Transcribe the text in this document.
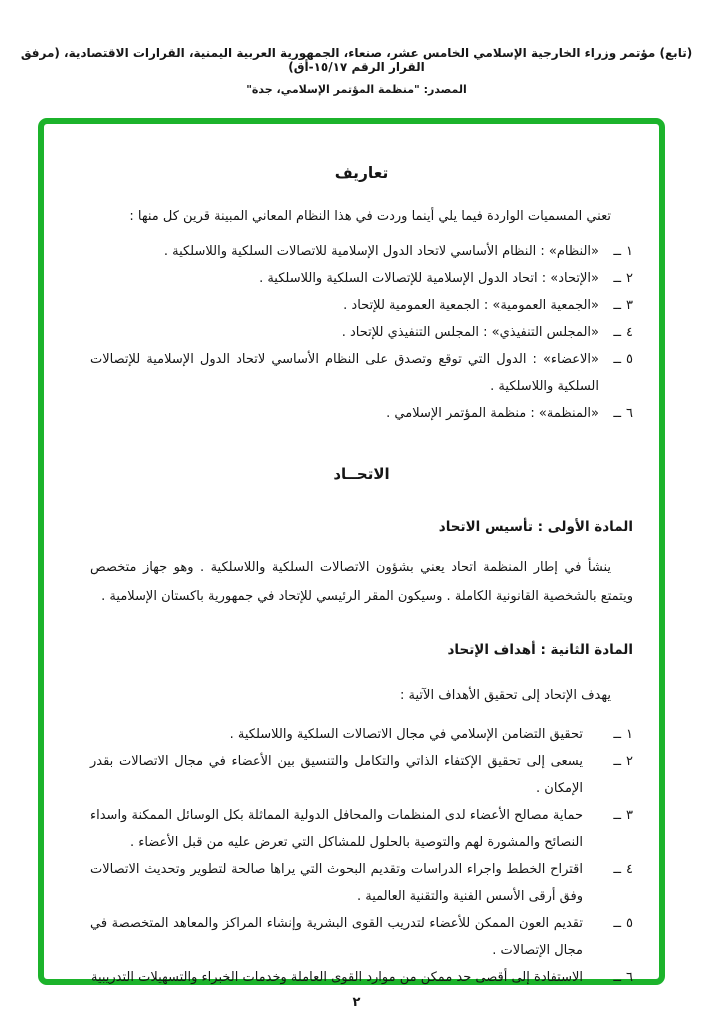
(تابع) مؤتمر وزراء الخارجية الإسلامي الخامس عشر، صنعاء، الجمهورية العربية اليمنية، القرارات الاقتصادية، (مرفق القرار الرقم ١٥/١٧-أق)
المصدر: "منظمة المؤتمر الإسلامي، جدة"
تعاريف
تعني المسميات الواردة فيما يلي أينما وردت في هذا النظام المعاني المبينة قرين كل منها :
١
ــ
«النظام» : النظام الأساسي لاتحاد الدول الإسلامية للاتصالات السلكية واللاسلكية .
٢
ــ
«الإتحاد» : اتحاد الدول الإسلامية للإتصالات السلكية واللاسلكية .
٣
ــ
«الجمعية العمومية» : الجمعية العمومية للإتحاد .
٤
ــ
«المجلس التنفيذي» : المجلس التنفيذي للإتحاد .
٥
ــ
«الاعضاء» : الدول التي توقع وتصدق على النظام الأساسي لاتحاد الدول الإسلامية للإتصالات السلكية واللاسلكية .
٦
ــ
«المنظمة» : منظمة المؤتمر الإسلامي .
الاتحــاد
المادة الأولى : تأسيس الاتحاد
ينشأ في إطار المنظمة اتحاد يعني بشؤون الاتصالات السلكية واللاسلكية . وهو جهاز متخصص ويتمتع بالشخصية القانونية الكاملة . وسيكون المقر الرئيسي للإتحاد في جمهورية باكستان الإسلامية .
المادة الثانية : أهداف الإتحاد
يهدف الإتحاد إلى تحقيق الأهداف الآتية :
١
ــ
تحقيق التضامن الإسلامي في مجال الاتصالات السلكية واللاسلكية .
٢
ــ
يسعى إلى تحقيق الإكتفاء الذاتي والتكامل والتنسيق بين الأعضاء في مجال الاتصالات بقدر الإمكان .
٣
ــ
حماية مصالح الأعضاء لدى المنظمات والمحافل الدولية المماثلة بكل الوسائل الممكنة واسداء النصائح والمشورة لهم والتوصية بالحلول للمشاكل التي تعرض عليه من قبل الأعضاء .
٤
ــ
اقتراح الخطط واجراء الدراسات وتقديم البحوث التي يراها صالحة لتطوير وتحديث الاتصالات وفق أرقى الأسس الفنية والتقنية العالمية .
٥
ــ
تقديم العون الممكن للأعضاء لتدريب القوى البشرية وإنشاء المراكز والمعاهد المتخصصة في مجال الإتصالات .
٦
ــ
الاستفادة إلى أقصى حد ممكن من موارد القوى العاملة وخدمات الخبراء والتسهيلات التدريبية
٢
